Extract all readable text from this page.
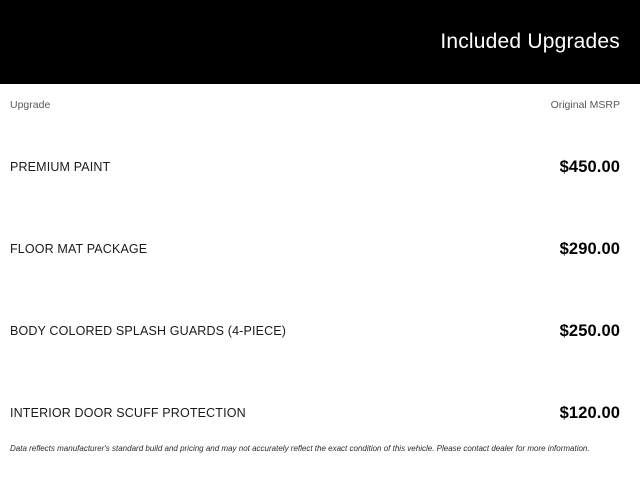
Included Upgrades
Upgrade	Original MSRP
PREMIUM PAINT	$450.00
FLOOR MAT PACKAGE	$290.00
BODY COLORED SPLASH GUARDS (4-PIECE)	$250.00
INTERIOR DOOR SCUFF PROTECTION	$120.00
Data reflects manufacturer's standard build and pricing and may not accurately reflect the exact condition of this vehicle. Please contact dealer for more information.
